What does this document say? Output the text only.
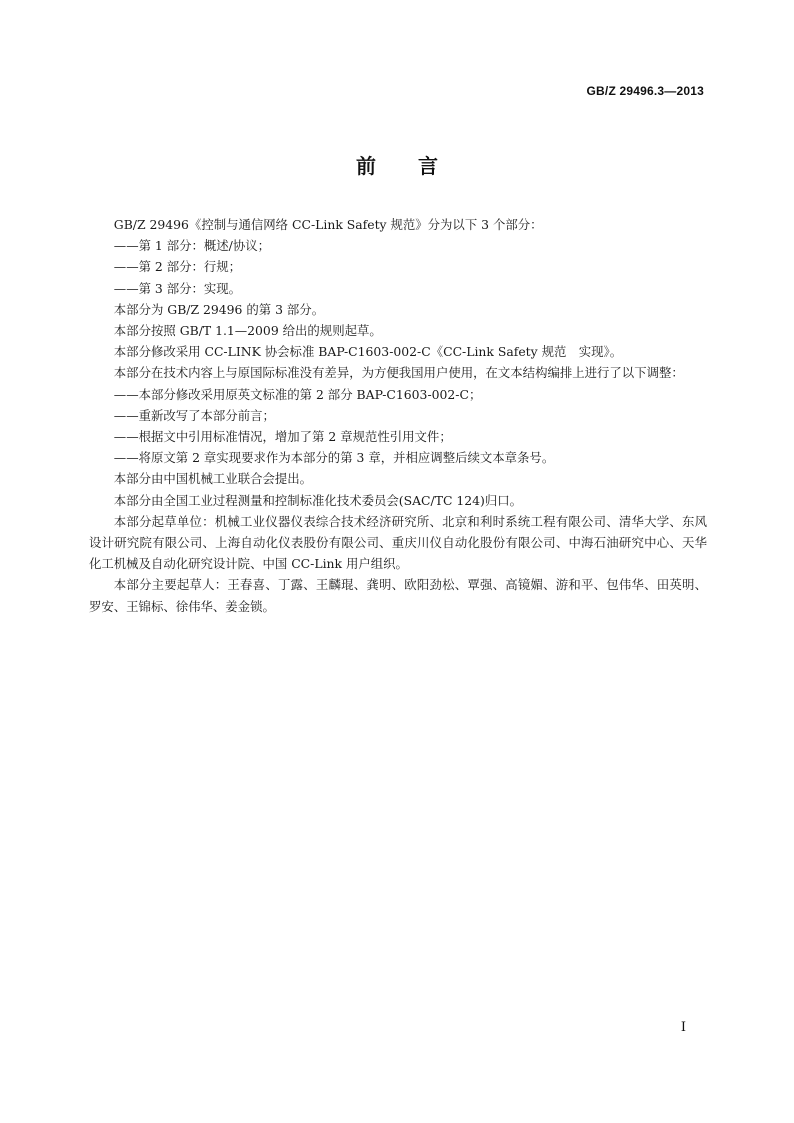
GB/Z 29496.3—2013
前言

GB/Z 29496《控制与通信网络 CC-Link Safety 规范》分为以下 3 个部分：

——第 1 部分：概述/协议；

——第 2 部分：行规；

——第 3 部分：实现。

本部分为 GB/Z 29496 的第 3 部分。

本部分按照 GB/T 1.1—2009 给出的规则起草。

本部分修改采用 CC-LINK 协会标准 BAP-C1603-002-C《CC-Link Safety 规范　实现》。

本部分在技术内容上与原国际标准没有差异，为方便我国用户使用，在文本结构编排上进行了以下调整：

——本部分修改采用原英文标准的第 2 部分 BAP-C1603-002-C；

——重新改写了本部分前言；

——根据文中引用标准情况，增加了第 2 章规范性引用文件；

——将原文第 2 章实现要求作为本部分的第 3 章，并相应调整后续文本章条号。

本部分由中国机械工业联合会提出。

本部分由全国工业过程测量和控制标准化技术委员会(SAC/TC 124)归口。

本部分起草单位：机械工业仪器仪表综合技术经济研究所、北京和利时系统工程有限公司、清华大学、东风设计研究院有限公司、上海自动化仪表股份有限公司、重庆川仪自动化股份有限公司、中海石油研究中心、天华化工机械及自动化研究设计院、中国 CC-Link 用户组织。

本部分主要起草人：王春喜、丁露、王麟琨、龚明、欧阳劲松、覃强、高镜媚、游和平、包伟华、田英明、罗安、王锦标、徐伟华、姜金锁。

I
